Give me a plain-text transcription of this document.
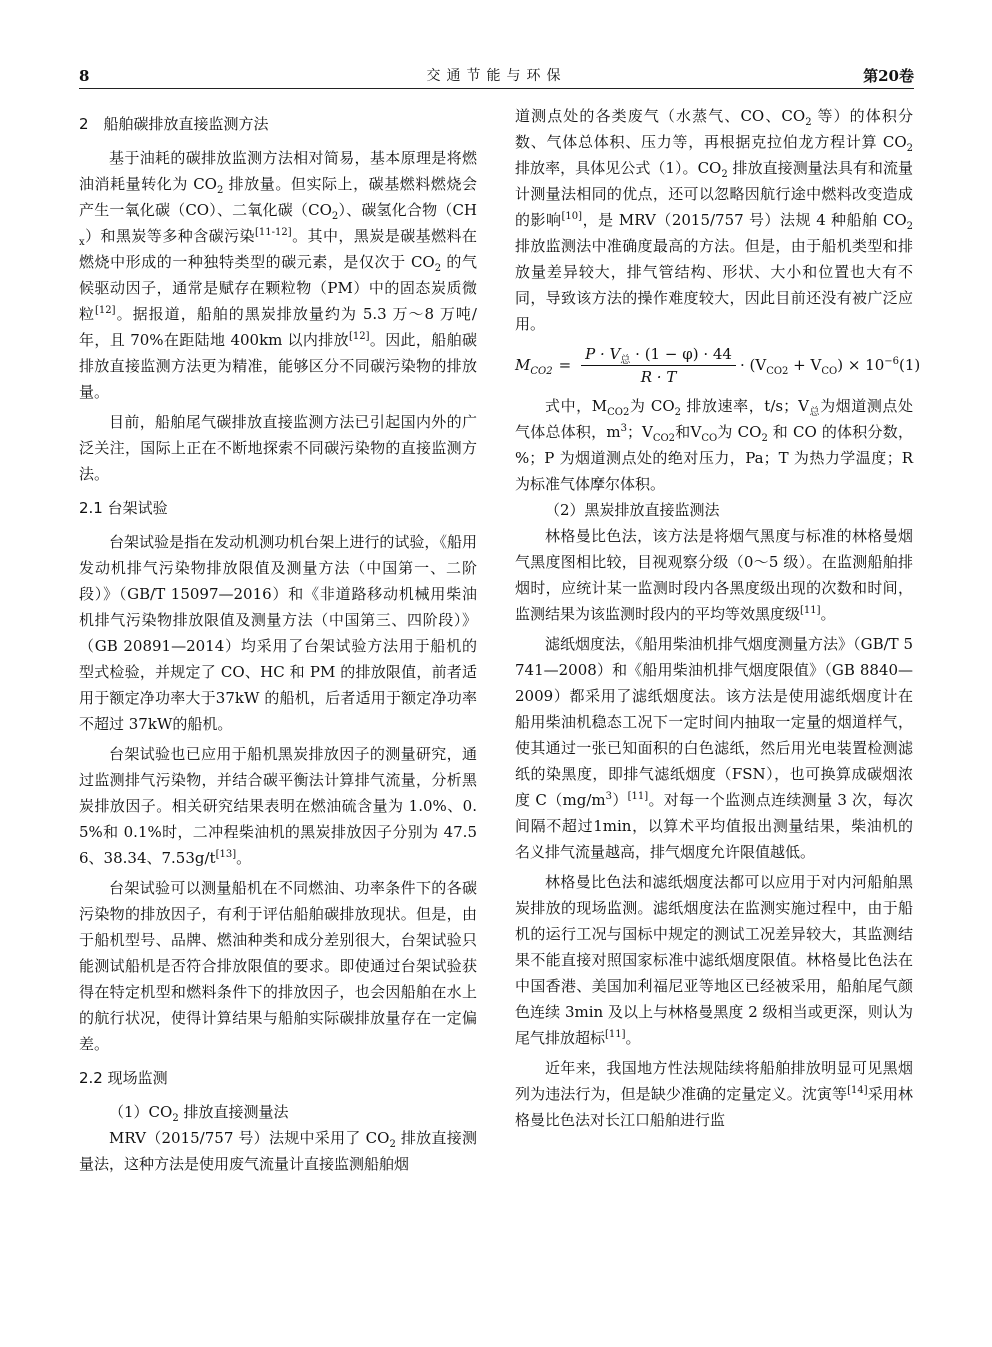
8	交通节能与环保	第20卷

2　船舶碳排放直接监测方法

基于油耗的碳排放监测方法相对简易，基本原理是将燃油消耗量转化为 $CO_2$ 排放量。但实际上，碳基燃料燃烧会产生一氧化碳（CO）、二氧化碳$(CO_2)$、碳氢化合物$(CH_x)$和黑炭等多种含碳污染[11-12]。其中，黑炭是碳基燃料在燃烧中形成的一种独特类型的碳元素，是仅次于 $CO_2$ 的气候驱动因子，通常是赋存在颗粒物（PM）中的固态炭质微粒[12]。据报道，船舶的黑炭排放量约为 5.3 万～8 万吨/年，且 70%在距陆地 400km 以内排放[12]。因此，船舶碳排放直接监测方法更为精准，能够区分不同碳污染物的排放量。

目前，船舶尾气碳排放直接监测方法已引起国内外的广泛关注，国际上正在不断地探索不同碳污染物的直接监测方法。

2.1 台架试验

台架试验是指在发动机测功机台架上进行的试验，《船用发动机排气污染物排放限值及测量方法（中国第一、二阶段）》（GB/T 15097—2016）和《非道路移动机械用柴油机排气污染物排放限值及测量方法（中国第三、四阶段）》（GB 20891—2014）均采用了台架试验方法用于船机的型式检验，并规定了 CO、HC 和 PM 的排放限值，前者适用于额定净功率大于37kW 的船机，后者适用于额定净功率不超过 37kW的船机。

台架试验也已应用于船机黑炭排放因子的测量研究，通过监测排气污染物，并结合碳平衡法计算排气流量，分析黑炭排放因子。相关研究结果表明在燃油硫含量为 1.0%、0.5%和 0.1%时，二冲程柴油机的黑炭排放因子分别为 47.56、38.34、7.53g/t[13]。

台架试验可以测量船机在不同燃油、功率条件下的各碳污染物的排放因子，有利于评估船舶碳排放现状。但是，由于船机型号、品牌、燃油种类和成分差别很大，台架试验只能测试船机是否符合排放限值的要求。即使通过台架试验获得在特定机型和燃料条件下的排放因子，也会因船舶在水上的航行状况，使得计算结果与船舶实际碳排放量存在一定偏差。

2.2 现场监测

$(1)CO_2$ 排放直接测量法

MRV（2015/757 号）法规中采用了 $CO_2$ 排放直接测量法，这种方法是使用废气流量计直接监测船舶烟

道测点处的各类废气（水蒸气、CO、$CO_2$ 等）的体积分数、气体总体积、压力等，再根据克拉伯龙方程计算 $CO_2$ 排放率，具体见公式（1）。$CO_2$ 排放直接测量法具有和流量计测量法相同的优点，还可以忽略因航行途中燃料改变造成的影响[10]，是 MRV（2015/757 号）法规 4 种船舶 $CO_2$ 排放监测法中准确度最高的方法。但是，由于船机类型和排放量差异较大，排气管结构、形状、大小和位置也大有不同，导致该方法的操作难度较大，因此目前还没有被广泛应用。

$M_{CO2} = \frac{P \cdot V_总 \cdot (1 - \varphi) \cdot 44}{R \cdot T} \cdot (V_{CO2} + V_{CO}) \times 10^{-6}$ (1)

式中，$M_{CO2}$为 $CO_2$ 排放速率，t/s；$V_总$为烟道测点处气体总体积，$m^3$；$V_{CO2}$和$V_{CO}$为 $CO_2$ 和 CO 的体积分数，%；P 为烟道测点处的绝对压力，Pa；T 为热力学温度；R 为标准气体摩尔体积。

（2）黑炭排放直接监测法

林格曼比色法，该方法是将烟气黑度与标准的林格曼烟气黑度图相比较，目视观察分级（0～5 级）。在监测船舶排烟时，应统计某一监测时段内各黑度级出现的次数和时间，监测结果为该监测时段内的平均等效黑度级[11]。

滤纸烟度法，《船用柴油机排气烟度测量方法》（GB/T 5741—2008）和《船用柴油机排气烟度限值》（GB 8840—2009）都采用了滤纸烟度法。该方法是使用滤纸烟度计在船用柴油机稳态工况下一定时间内抽取一定量的烟道样气，使其通过一张已知面积的白色滤纸，然后用光电装置检测滤纸的染黑度，即排气滤纸烟度（FSN），也可换算成碳烟浓度 $C(mg/m^3)[11]$。对每一个监测点连续测量 3 次，每次间隔不超过1min，以算术平均值报出测量结果，柴油机的名义排气流量越高，排气烟度允许限值越低。

林格曼比色法和滤纸烟度法都可以应用于对内河船舶黑炭排放的现场监测。滤纸烟度法在监测实施过程中，由于船机的运行工况与国标中规定的测试工况差异较大，其监测结果不能直接对照国家标准中滤纸烟度限值。林格曼比色法在中国香港、美国加利福尼亚等地区已经被采用，船舶尾气颜色连续 3min 及以上与林格曼黑度 2 级相当或更深，则认为尾气排放超标[11]。

近年来，我国地方性法规陆续将船舶排放明显可见黑烟列为违法行为，但是缺少准确的定量定义。沈寅等[14]采用林格曼比色法对长江口船舶进行监
